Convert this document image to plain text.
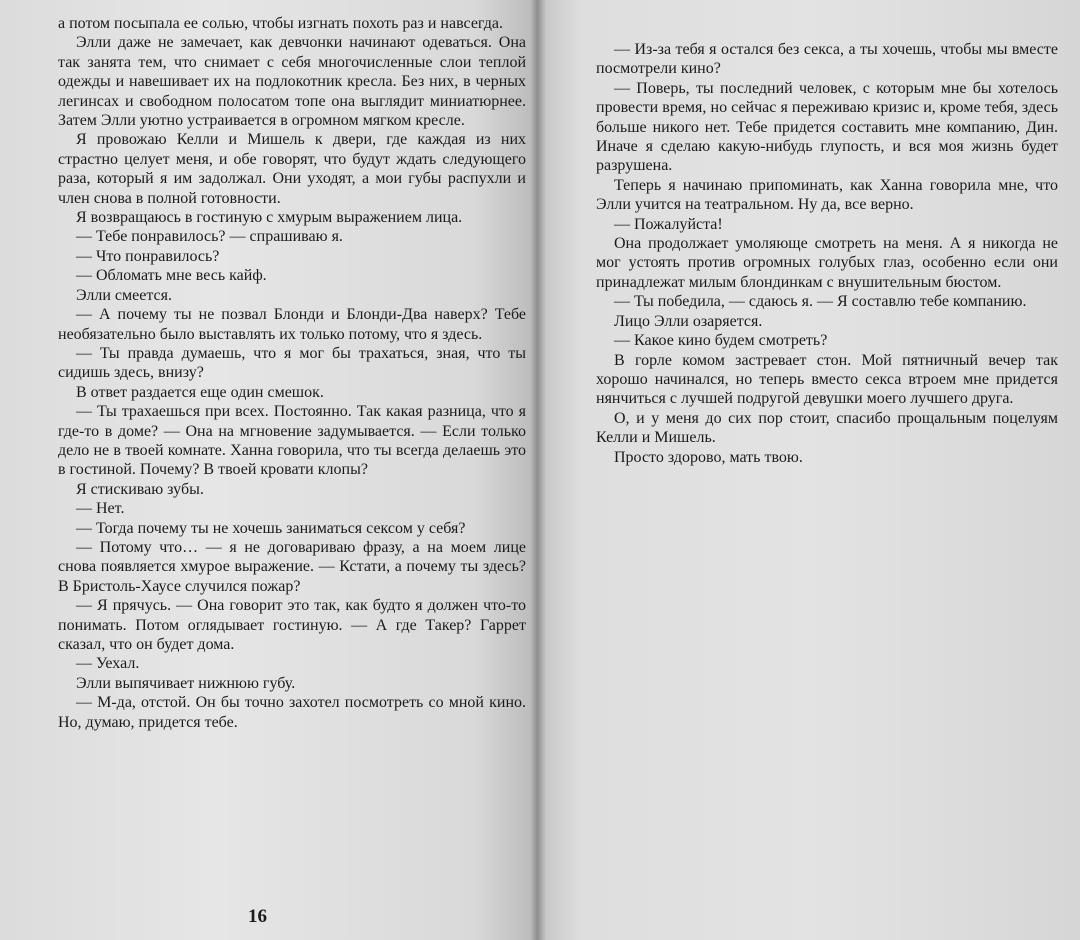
а потом посыпала ее солью, чтобы изгнать похоть раз и навсегда.

Элли даже не замечает, как девчонки начинают одеваться. Она так занята тем, что снимает с себя многочисленные слои теплой одежды и навешивает их на подлокотник кресла. Без них, в черных легинсах и свободном полосатом топе она выглядит миниатюрнее. Затем Элли уютно устраивается в огромном мягком кресле.

Я провожаю Келли и Мишель к двери, где каждая из них страстно целует меня, и обе говорят, что будут ждать следующего раза, который я им задолжал. Они уходят, а мои губы распухли и член снова в полной готовности.

Я возвращаюсь в гостиную с хмурым выражением лица.

— Тебе понравилось? — спрашиваю я.

— Что понравилось?

— Обломать мне весь кайф.

Элли смеется.

— А почему ты не позвал Блонди и Блонди-Два наверх? Тебе необязательно было выставлять их только потому, что я здесь.

— Ты правда думаешь, что я мог бы трахаться, зная, что ты сидишь здесь, внизу?

В ответ раздается еще один смешок.

— Ты трахаешься при всех. Постоянно. Так какая разница, что я где-то в доме? — Она на мгновение задумывается. — Если только дело не в твоей комнате. Ханна говорила, что ты всегда делаешь это в гостиной. Почему? В твоей кровати клопы?

Я стискиваю зубы.

— Нет.

— Тогда почему ты не хочешь заниматься сексом у себя?

— Потому что… — я не договариваю фразу, а на моем лице снова появляется хмурое выражение. — Кстати, а почему ты здесь? В Бристоль-Хаусе случился пожар?

— Я прячусь. — Она говорит это так, как будто я должен что-то понимать. Потом оглядывает гостиную. — А где Такер? Гаррет сказал, что он будет дома.

— Уехал.

Элли выпячивает нижнюю губу.

— М-да, отстой. Он бы точно захотел посмотреть со мной кино. Но, думаю, придется тебе.

16

— Из-за тебя я остался без секса, а ты хочешь, чтобы мы вместе посмотрели кино?

— Поверь, ты последний человек, с которым мне бы хотелось провести время, но сейчас я переживаю кризис и, кроме тебя, здесь больше никого нет. Тебе придется составить мне компанию, Дин. Иначе я сделаю какую-нибудь глупость, и вся моя жизнь будет разрушена.

Теперь я начинаю припоминать, как Ханна говорила мне, что Элли учится на театральном. Ну да, все верно.

— Пожалуйста!

Она продолжает умоляюще смотреть на меня. А я никогда не мог устоять против огромных голубых глаз, особенно если они принадлежат милым блондинкам с внушительным бюстом.

— Ты победила, — сдаюсь я. — Я составлю тебе компанию.

Лицо Элли озаряется.

— Какое кино будем смотреть?

В горле комом застревает стон. Мой пятничный вечер так хорошо начинался, но теперь вместо секса втроем мне придется нянчиться с лучшей подругой девушки моего лучшего друга.

О, и у меня до сих пор стоит, спасибо прощальным поцелуям Келли и Мишель.

Просто здорово, мать твою.
